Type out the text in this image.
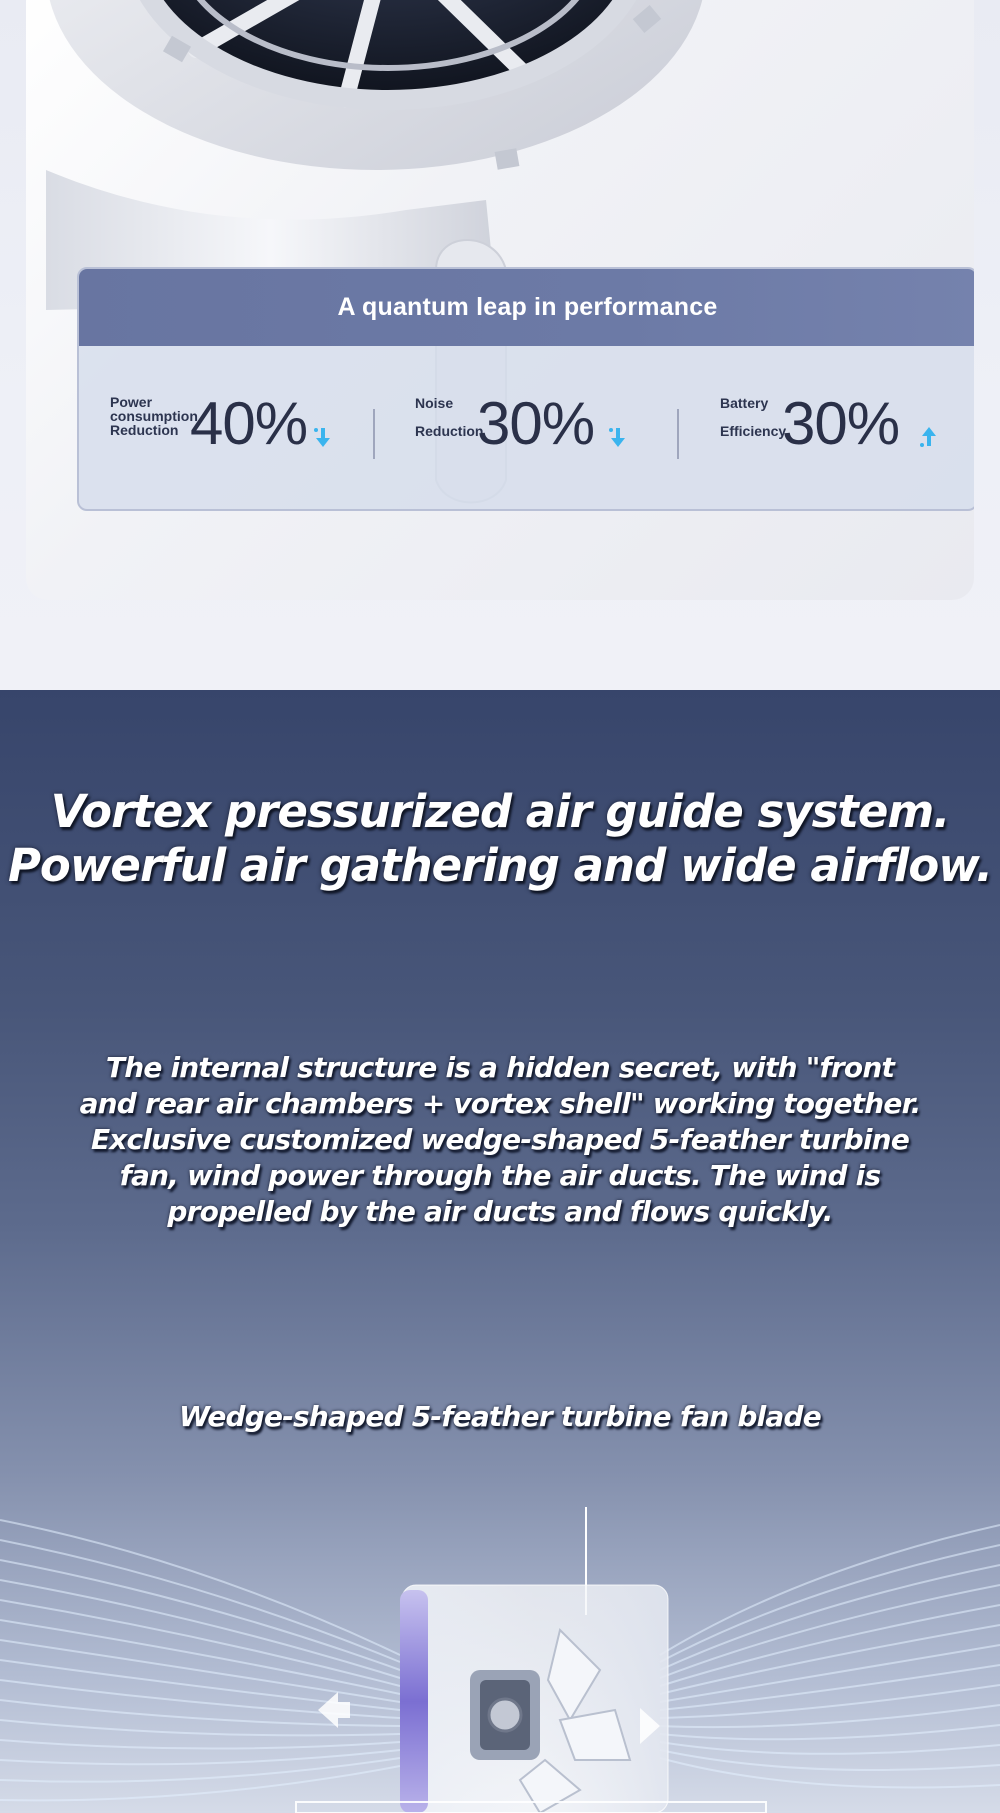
A quantum leap in performance
Power consumption Reduction 40%	Noise Reduction
30%	Battery Efficiency
30%
Vortex pressurized air guide system.
Powerful air gathering and wide airflow.
The internal structure is a hidden secret, with "front
and rear air chambers + vortex shell" working together.
Exclusive customized wedge-shaped 5-feather turbine
fan, wind power through the air ducts. The wind is
propelled by the air ducts and flows quickly.
Wedge-shaped 5-feather turbine fan blade
